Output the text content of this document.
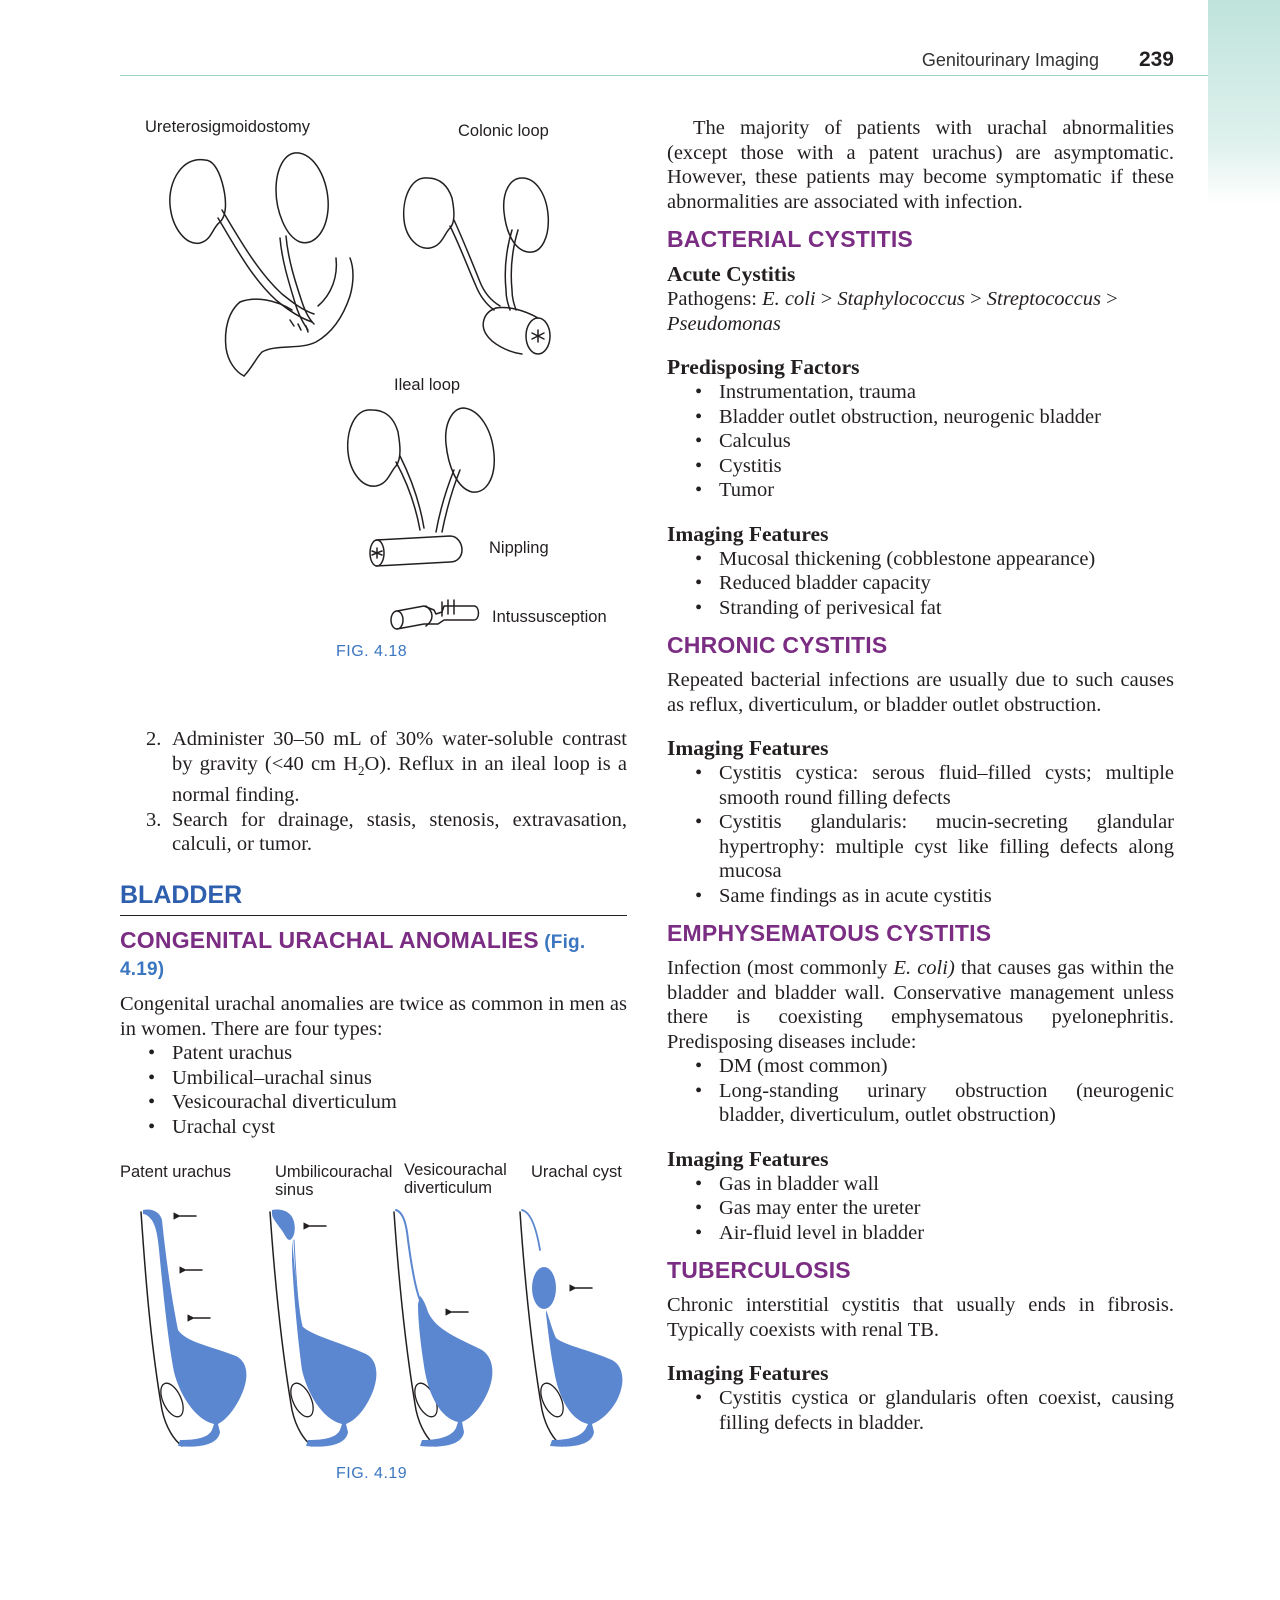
Genitourinary Imaging 239
Ureterosigmoidostomy	Colonic loop
Ileal loop
Nippling
Intussusception
FIG. 4.18
2. Administer 30–50 mL of 30% water-soluble contrast by gravity (<40 cm $H_2O$). Reflux in an ileal loop is a normal finding.
3. Search for drainage, stasis, stenosis, extravasation, calculi, or tumor.
BLADDER
CONGENITAL URACHAL ANOMALIES (Fig. 4.19)

Congenital urachal anomalies are twice as common in men as in women. There are four types:

• Patent urachus
• Umbilical–urachal sinus
• Vesicourachal diverticulum
• Urachal cyst
Patent urachus	Umbilicourachal
sinus
Vesicourachal
diverticulum
Urachal cyst
FIG. 4.19

The majority of patients with urachal abnormalities (except those with a patent urachus) are asymptomatic. However, these patients may become symptomatic if these abnormalities are associated with infection.

BACTERIAL CYSTITIS
Acute Cystitis

Pathogens: E. coli > Staphylococcus > Streptococcus > Pseudomonas

Predisposing Factors
• Instrumentation, trauma
• Bladder outlet obstruction, neurogenic bladder
• Calculus
• Cystitis
• Tumor
Imaging Features
• Mucosal thickening (cobblestone appearance)
• Reduced bladder capacity
• Stranding of perivesical fat
CHRONIC CYSTITIS

Repeated bacterial infections are usually due to such causes as reflux, diverticulum, or bladder outlet obstruction.

Imaging Features
• Cystitis cystica: serous fluid–filled cysts; multiple smooth round filling defects
• Cystitis glandularis: mucin-secreting glandular hypertrophy: multiple cyst like filling defects along mucosa
• Same findings as in acute cystitis
EMPHYSEMATOUS CYSTITIS

Infection (most commonly E. coli) that causes gas within the bladder and bladder wall. Conservative management unless there is coexisting emphysematous pyelonephritis. Predisposing diseases include:

• DM (most common)
• Long-standing urinary obstruction (neurogenic bladder, diverticulum, outlet obstruction)
Imaging Features
• Gas in bladder wall
• Gas may enter the ureter
• Air-fluid level in bladder
TUBERCULOSIS

Chronic interstitial cystitis that usually ends in fibrosis. Typically coexists with renal TB.

Imaging Features
• Cystitis cystica or glandularis often coexist, causing filling defects in bladder.
